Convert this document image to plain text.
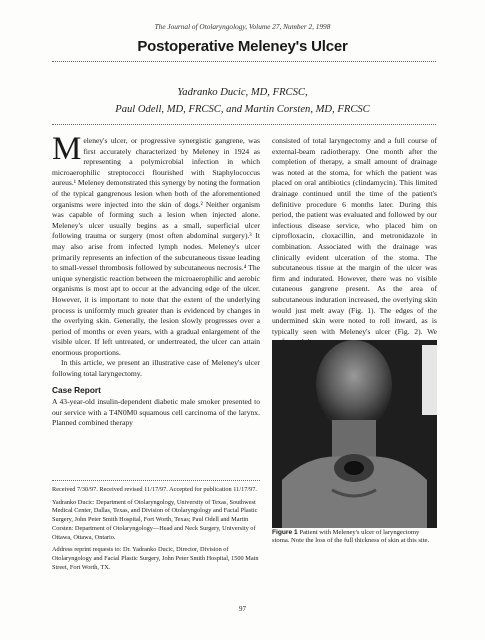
The Journal of Otolaryngology, Volume 27, Number 2, 1998
Postoperative Meleney's Ulcer
Yadranko Ducic, MD, FRCSC,
Paul Odell, MD, FRCSC, and Martin Corsten, MD, FRCSC

Meleney's ulcer, or progressive synergistic gangrene, was first accurately characterized by Meleney in 1924 as representing a polymicrobial infection in which microaerophilic streptococci flourished with Staphylococcus aureus.¹ Meleney demonstrated this synergy by noting the formation of the typical gangrenous lesion when both of the aforementioned organisms were injected into the skin of dogs.² Neither organism was capable of forming such a lesion when injected alone. Meleney's ulcer usually begins as a small, superficial ulcer following trauma or surgery (most often abdominal surgery).³ It may also arise from infected lymph nodes. Meleney's ulcer primarily represents an infection of the subcutaneous tissue leading to small-vessel thrombosis followed by subcutaneous necrosis.⁴ The unique synergistic reaction between the microaerophilic and aerobic organisms is most apt to occur at the advancing edge of the ulcer. However, it is important to note that the extent of the underlying process is uniformly much greater than is evidenced by changes in the overlying skin. Generally, the lesion slowly progresses over a period of months or even years, with a gradual enlargement of the visible ulcer. If left untreated, or undertreated, the ulcer can attain enormous proportions.

In this article, we present an illustrative case of Meleney's ulcer following total laryngectomy.

Case Report

A 43-year-old insulin-dependent diabetic male smoker presented to our service with a T4N0M0 squamous cell carcinoma of the larynx. Planned combined therapy

Received 7/30/97. Received revised 11/17/97. Accepted for publication 11/17/97.

Yadranko Ducic: Department of Otolaryngology, University of Texas, Southwest Medical Center, Dallas, Texas, and Division of Otolaryngology and Facial Plastic Surgery, John Peter Smith Hospital, Fort Worth, Texas; Paul Odell and Martin Corsten: Department of Otolaryngology—Head and Neck Surgery, University of Ottawa, Ottawa, Ontario.

Address reprint requests to: Dr. Yadranko Ducic, Director, Division of Otolaryngology and Facial Plastic Surgery, John Peter Smith Hospital, 1500 Main Street, Fort Worth, TX.

consisted of total laryngectomy and a full course of external-beam radiotherapy. One month after the completion of therapy, a small amount of drainage was noted at the stoma, for which the patient was placed on oral antibiotics (clindamycin). This limited drainage continued until the time of the patient's definitive procedure 6 months later. During this period, the patient was evaluated and followed by our infectious disease service, who placed him on ciprofloxacin, cloxacillin, and metronidazole in combination. Associated with the drainage was clinically evident ulceration of the stoma. The subcutaneous tissue at the margin of the ulcer was firm and indurated. However, there was no visible cutaneous gangrene present. As the area of subcutaneous induration increased, the overlying skin would just melt away (Fig. 1). The edges of the undermined skin were noted to roll inward, as is typically seen with Meleney's ulcer (Fig. 2). We

Figure 1 Patient with Meleney's ulcer of laryngectomy stoma. Note the loss of the full thickness of skin at this site.
97
